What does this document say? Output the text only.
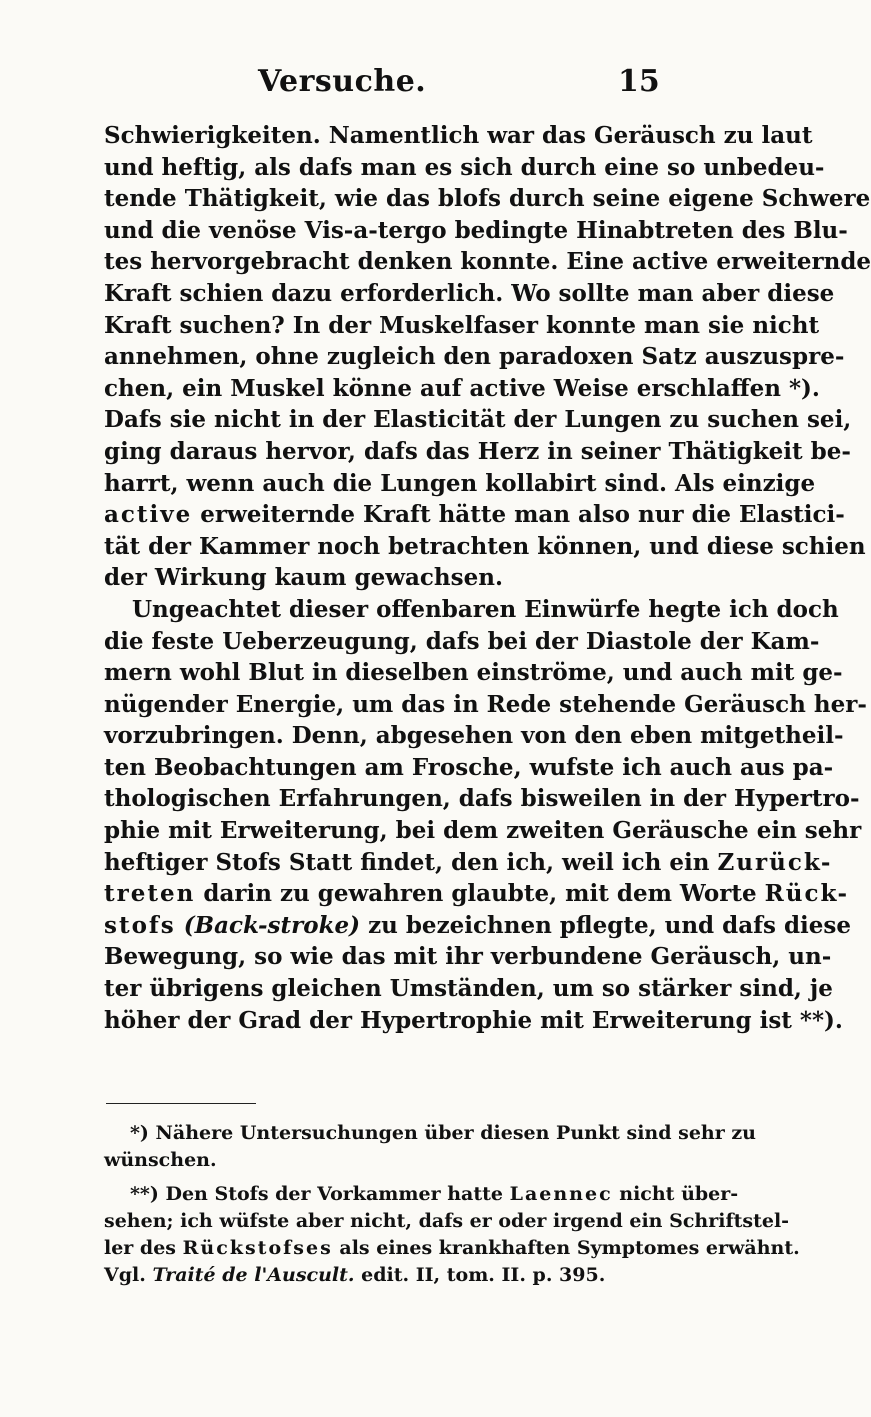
Versuche.	15
Schwierigkeiten. Namentlich war das Geräusch zu laut
und heftig, als dafs man es sich durch eine so unbedeu-
tende Thätigkeit, wie das blofs durch seine eigene Schwere
und die venöse Vis-a-tergo bedingte Hinabtreten des Blu-
tes hervorgebracht denken konnte. Eine active erweiternde
Kraft schien dazu erforderlich. Wo sollte man aber diese
Kraft suchen? In der Muskelfaser konnte man sie nicht
annehmen, ohne zugleich den paradoxen Satz auszuspre-
chen, ein Muskel könne auf active Weise erschlaffen *).
Dafs sie nicht in der Elasticität der Lungen zu suchen sei,
ging daraus hervor, dafs das Herz in seiner Thätigkeit be-
harrt, wenn auch die Lungen kollabirt sind. Als einzige
active erweiternde Kraft hätte man also nur die Elastici-
tät der Kammer noch betrachten können, und diese schien
der Wirkung kaum gewachsen.
Ungeachtet dieser offenbaren Einwürfe hegte ich doch
die feste Ueberzeugung, dafs bei der Diastole der Kam-
mern wohl Blut in dieselben einströme, und auch mit ge-
nügender Energie, um das in Rede stehende Geräusch her-
vorzubringen. Denn, abgesehen von den eben mitgetheil-
ten Beobachtungen am Frosche, wufste ich auch aus pa-
thologischen Erfahrungen, dafs bisweilen in der Hypertro-
phie mit Erweiterung, bei dem zweiten Geräusche ein sehr
heftiger Stofs Statt findet, den ich, weil ich ein Zurück-
treten darin zu gewahren glaubte, mit dem Worte Rück-
stofs (Back-stroke) zu bezeichnen pflegte, und dafs diese
Bewegung, so wie das mit ihr verbundene Geräusch, un-
ter übrigens gleichen Umständen, um so stärker sind, je
höher der Grad der Hypertrophie mit Erweiterung ist **).
*) Nähere Untersuchungen über diesen Punkt sind sehr zu
wünschen.
**) Den Stofs der Vorkammer hatte Laennec nicht über-
sehen; ich wüfste aber nicht, dafs er oder irgend ein Schriftstel-
ler des Rückstofses als eines krankhaften Symptomes erwähnt.
Vgl. Traité de l'Auscult. edit. II, tom. II. p. 395.
